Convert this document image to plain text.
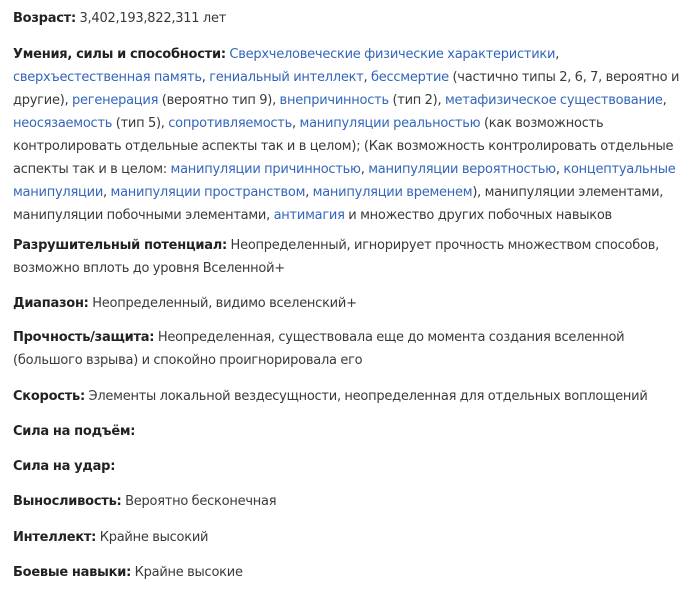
Возраст: 3,402,193,822,311 лет

Умения, силы и способности: Сверхчеловеческие физические характеристики, сверхъестественная память, гениальный интеллект, бессмертие (частично типы 2, 6, 7, вероятно и другие), регенерация (вероятно тип 9), внепричинность (тип 2), метафизическое существование, неосязаемость (тип 5), сопротивляемость, манипуляции реальностью (как возможность контролировать отдельные аспекты так и в целом); (Как возможность контролировать отдельные аспекты так и в целом: манипуляции причинностью, манипуляции вероятностью, концептуальные манипуляции, манипуляции пространством, манипуляции временем), манипуляции элементами, манипуляции побочными элементами, антимагия и множество других побочных навыков

Разрушительный потенциал: Неопределенный, игнорирует прочность множеством способов, возможно вплоть до уровня Вселенной+

Диапазон: Неопределенный, видимо вселенский+

Прочность/защита: Неопределенная, существовала еще до момента создания вселенной (большого взрыва) и спокойно проигнорировала его

Скорость: Элементы локальной вездесущности, неопределенная для отдельных воплощений

Сила на подъём:

Сила на удар:

Выносливость: Вероятно бесконечная

Интеллект: Крайне высокий

Боевые навыки: Крайне высокие
